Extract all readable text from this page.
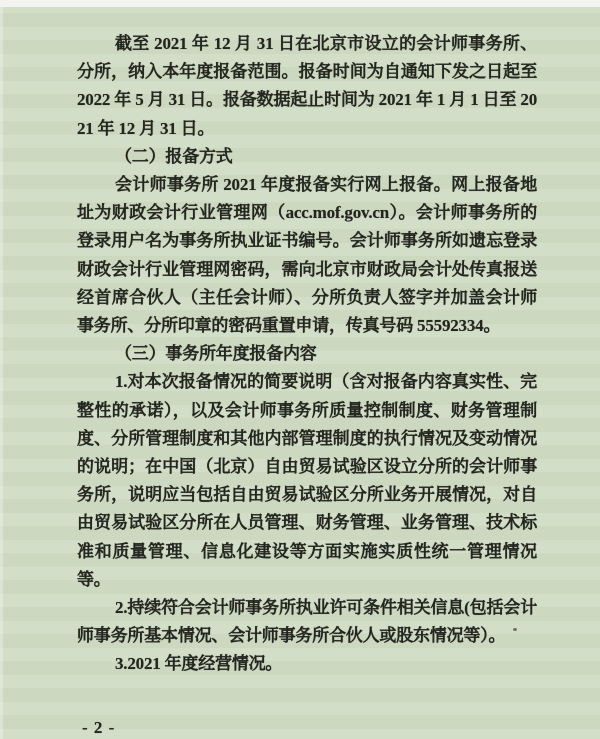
截至 2021 年 12 月 31 日在北京市设立的会计师事务所、分所，纳入本年度报备范围。报备时间为自通知下发之日起至 2022 年 5 月 31 日。报备数据起止时间为 2021 年 1 月 1 日至 2021 年 12 月 31 日。

（二）报备方式

会计师事务所 2021 年度报备实行网上报备。网上报备地址为财政会计行业管理网（acc.mof.gov.cn）。会计师事务所的登录用户名为事务所执业证书编号。会计师事务所如遗忘登录财政会计行业管理网密码，需向北京市财政局会计处传真报送经首席合伙人（主任会计师）、分所负责人签字并加盖会计师事务所、分所印章的密码重置申请，传真号码 55592334。

（三）事务所年度报备内容

1.对本次报备情况的简要说明（含对报备内容真实性、完整性的承诺），以及会计师事务所质量控制制度、财务管理制度、分所管理制度和其他内部管理制度的执行情况及变动情况的说明；在中国（北京）自由贸易试验区设立分所的会计师事务所，说明应当包括自由贸易试验区分所业务开展情况，对自由贸易试验区分所在人员管理、财务管理、业务管理、技术标准和质量管理、信息化建设等方面实施实质性统一管理情况等。

2.持续符合会计师事务所执业许可条件相关信息(包括会计师事务所基本情况、会计师事务所合伙人或股东情况等）。

3.2021 年度经营情况。

- 2 -
